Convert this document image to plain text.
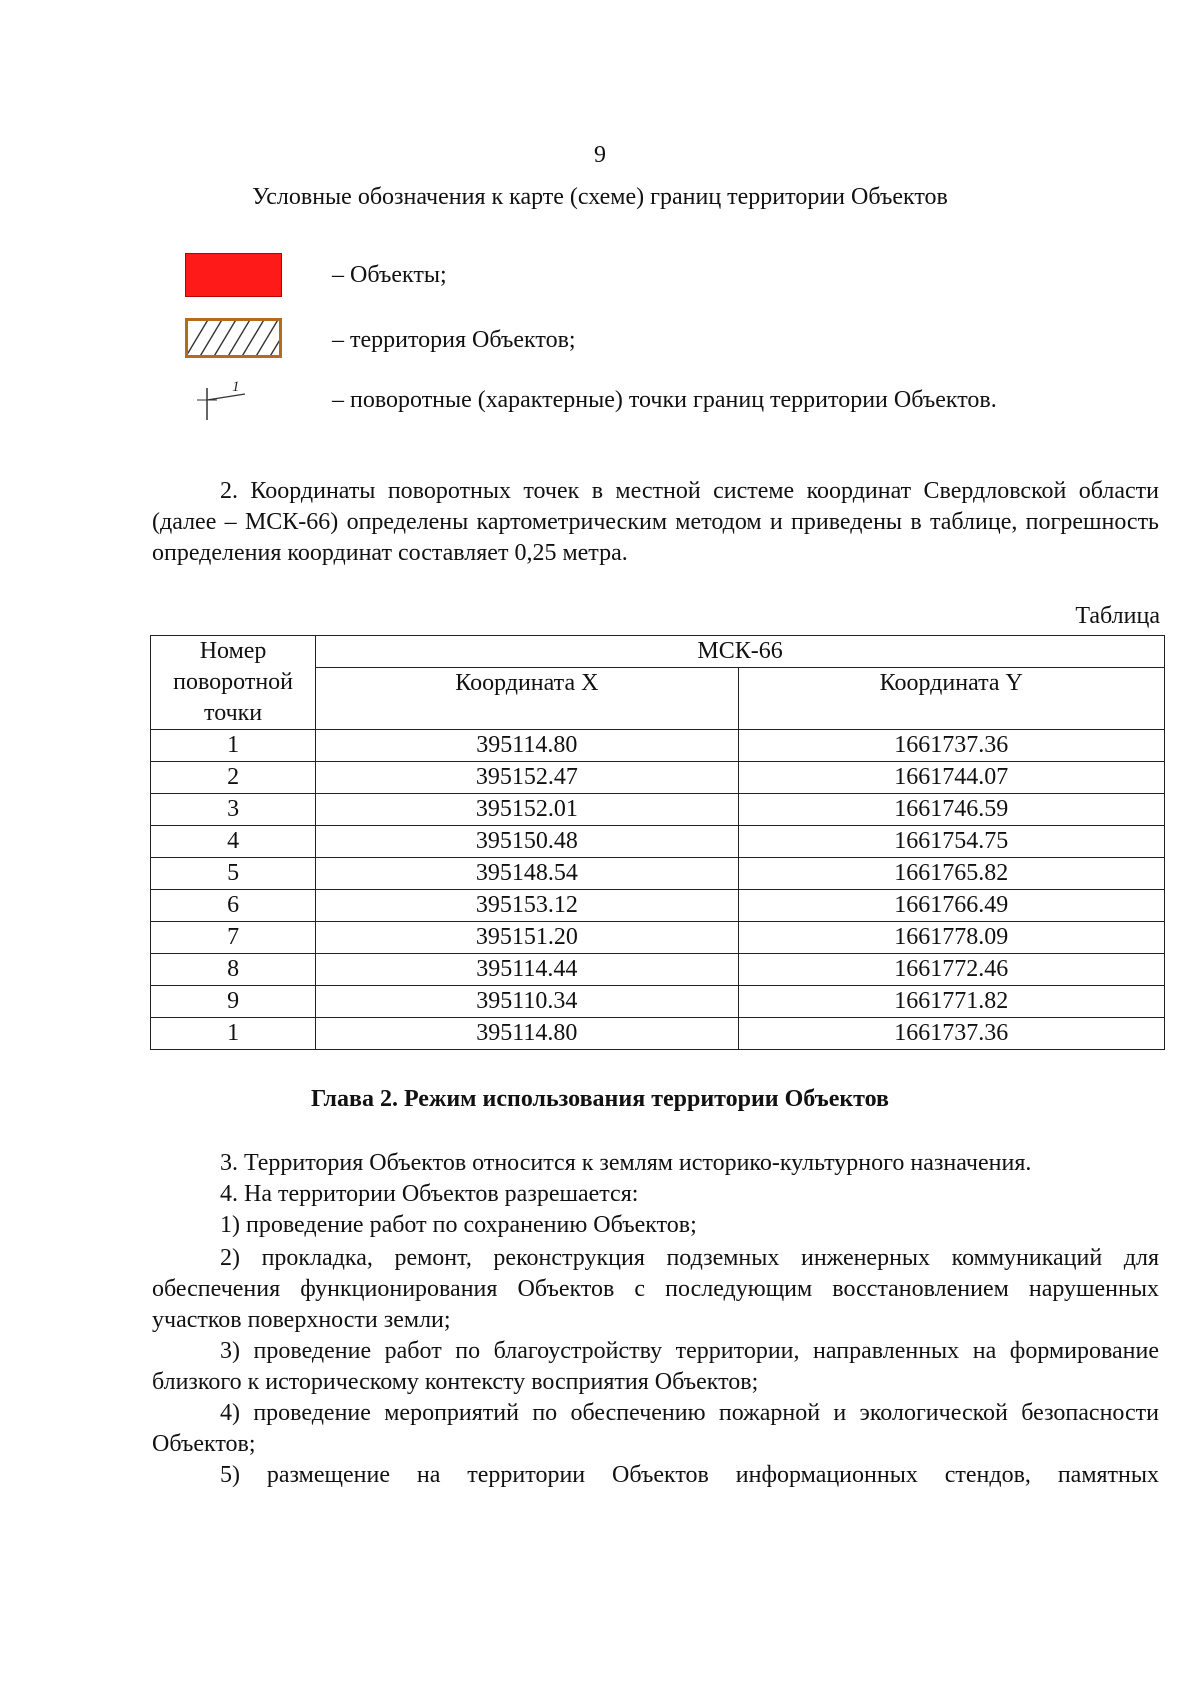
9
Условные обозначения к карте (схеме) границ территории Объектов
– Объекты;
– территория Объектов;
1	– поворотные (характерные) точки границ территории Объектов.
2. Координаты поворотных точек в местной системе координат Свердловской области (далее – МСК-66) определены картометрическим методом и приведены в таблице, погрешность определения координат составляет 0,25 метра.
Таблица
Номер
поворотной
точки	МСК-66	
	Координата X	Координата Y
1	395114.80	1661737.36
2	395152.47	1661744.07
3	395152.01	1661746.59
4	395150.48	1661754.75
5	395148.54	1661765.82
6	395153.12	1661766.49
7	395151.20	1661778.09
8	395114.44	1661772.46
9	395110.34	1661771.82
1	395114.80	1661737.36
Глава 2. Режим использования территории Объектов
3. Территория Объектов относится к землям историко-культурного назначения.
4. На территории Объектов разрешается:
1) проведение работ по сохранению Объектов;
2) прокладка, ремонт, реконструкция подземных инженерных коммуникаций для обеспечения функционирования Объектов с последующим восстановлением нарушенных участков поверхности земли;
3) проведение работ по благоустройству территории, направленных на формирование близкого к историческому контексту восприятия Объектов;
4) проведение мероприятий по обеспечению пожарной и экологической безопасности Объектов;
5) размещение на территории Объектов информационных стендов, памятных
